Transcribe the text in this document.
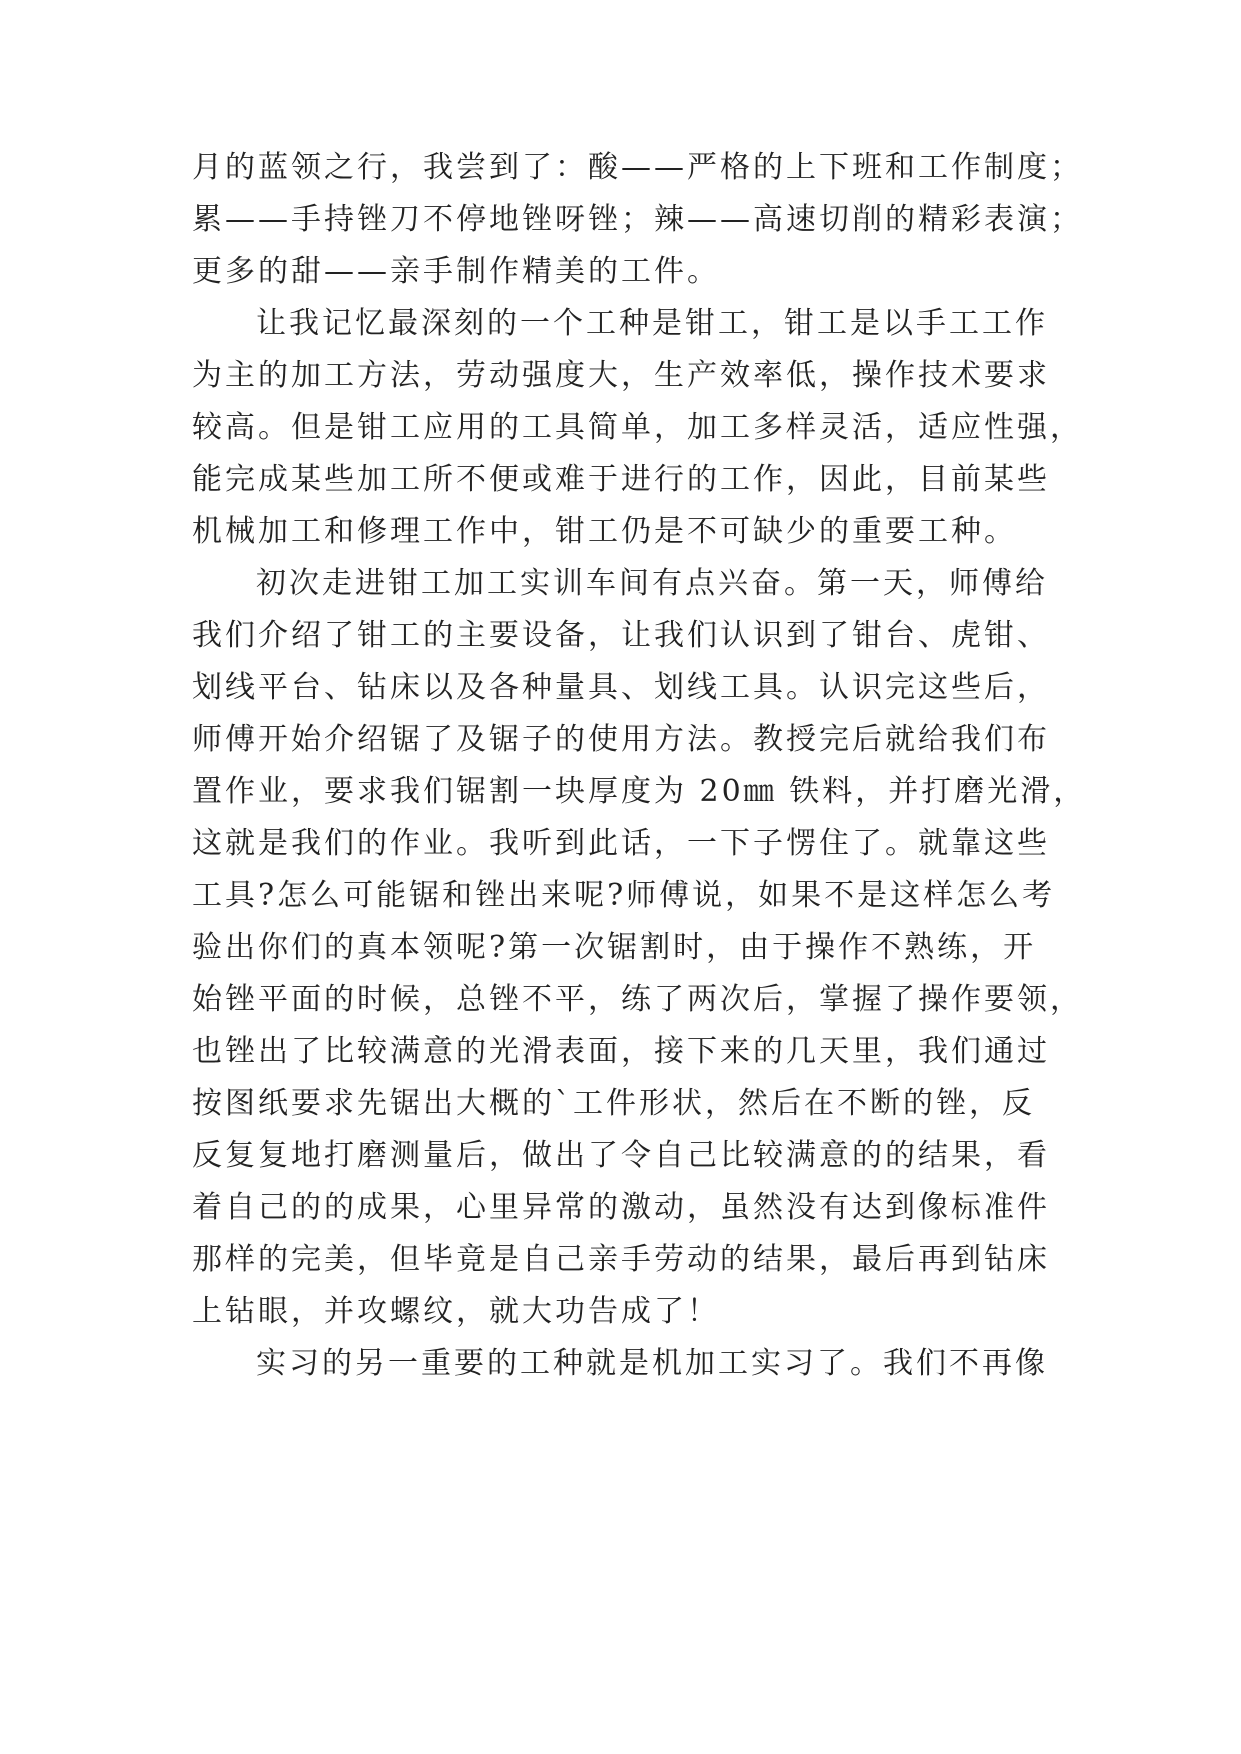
月的蓝领之行，我尝到了：酸——严格的上下班和工作制度；
累——手持锉刀不停地锉呀锉；辣——高速切削的精彩表演；
更多的甜——亲手制作精美的工件。
让我记忆最深刻的一个工种是钳工，钳工是以手工工作
为主的加工方法，劳动强度大，生产效率低，操作技术要求
较高。但是钳工应用的工具简单，加工多样灵活，适应性强，
能完成某些加工所不便或难于进行的工作，因此，目前某些
机械加工和修理工作中，钳工仍是不可缺少的重要工种。
初次走进钳工加工实训车间有点兴奋。第一天，师傅给
我们介绍了钳工的主要设备，让我们认识到了钳台、虎钳、
划线平台、钻床以及各种量具、划线工具。认识完这些后，
师傅开始介绍锯了及锯子的使用方法。教授完后就给我们布
置作业，要求我们锯割一块厚度为 20㎜ 铁料，并打磨光滑，
这就是我们的作业。我听到此话，一下子愣住了。就靠这些
工具?怎么可能锯和锉出来呢?师傅说，如果不是这样怎么考
验出你们的真本领呢?第一次锯割时，由于操作不熟练，开
始锉平面的时候，总锉不平，练了两次后，掌握了操作要领，
也锉出了比较满意的光滑表面，接下来的几天里，我们通过
按图纸要求先锯出大概的`工件形状，然后在不断的锉，反
反复复地打磨测量后，做出了令自己比较满意的的结果，看
着自己的的成果，心里异常的激动，虽然没有达到像标准件
那样的完美，但毕竟是自己亲手劳动的结果，最后再到钻床
上钻眼，并攻螺纹，就大功告成了！
实习的另一重要的工种就是机加工实习了。我们不再像
